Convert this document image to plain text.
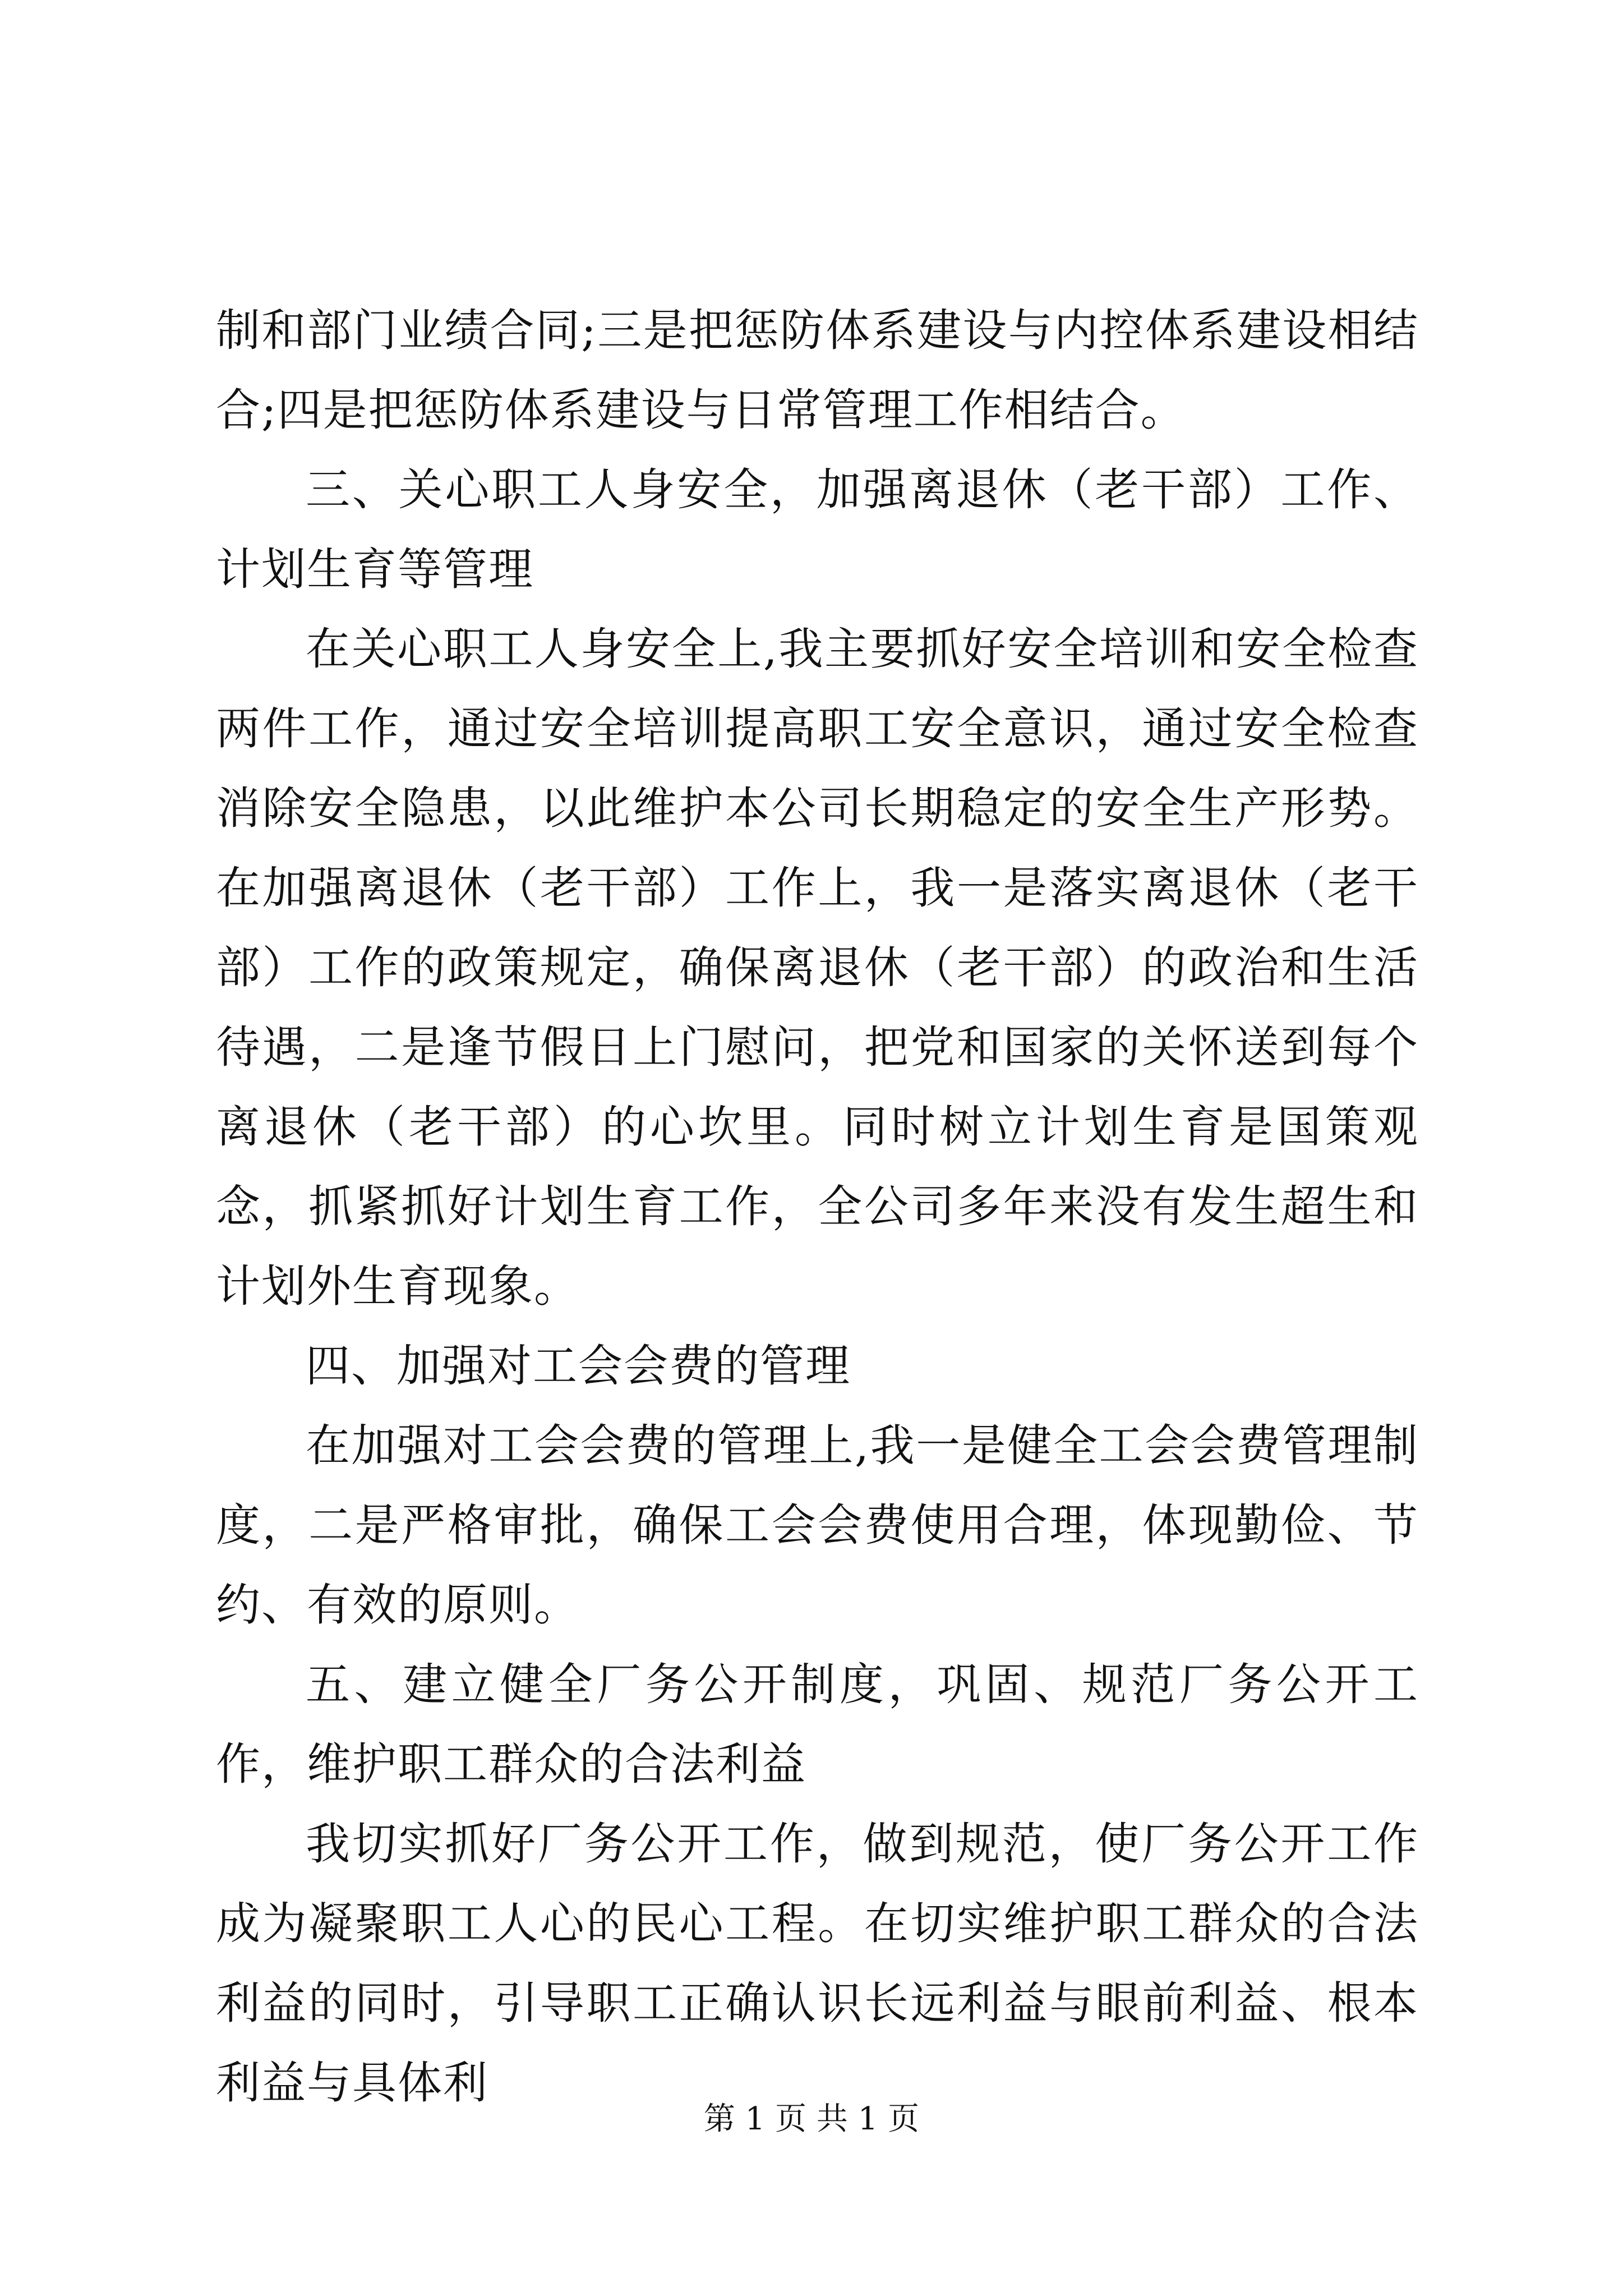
制和部门业绩合同;三是把惩防体系建设与内控体系建设相结合;四是把惩防体系建设与日常管理工作相结合。

三、关心职工人身安全，加强离退休（老干部）工作、计划生育等管理

在关心职工人身安全上,我主要抓好安全培训和安全检查两件工作，通过安全培训提高职工安全意识，通过安全检查消除安全隐患，以此维护本公司长期稳定的安全生产形势。在加强离退休（老干部）工作上，我一是落实离退休（老干部）工作的政策规定，确保离退休（老干部）的政治和生活待遇，二是逢节假日上门慰问，把党和国家的关怀送到每个离退休（老干部）的心坎里。同时树立计划生育是国策观念，抓紧抓好计划生育工作，全公司多年来没有发生超生和计划外生育现象。

四、加强对工会会费的管理

在加强对工会会费的管理上,我一是健全工会会费管理制度，二是严格审批，确保工会会费使用合理，体现勤俭、节约、有效的原则。

五、建立健全厂务公开制度，巩固、规范厂务公开工作，维护职工群众的合法利益

我切实抓好厂务公开工作，做到规范，使厂务公开工作成为凝聚职工人心的民心工程。在切实维护职工群众的合法利益的同时，引导职工正确认识长远利益与眼前利益、根本利益与具体利

第 1 页 共 1 页
